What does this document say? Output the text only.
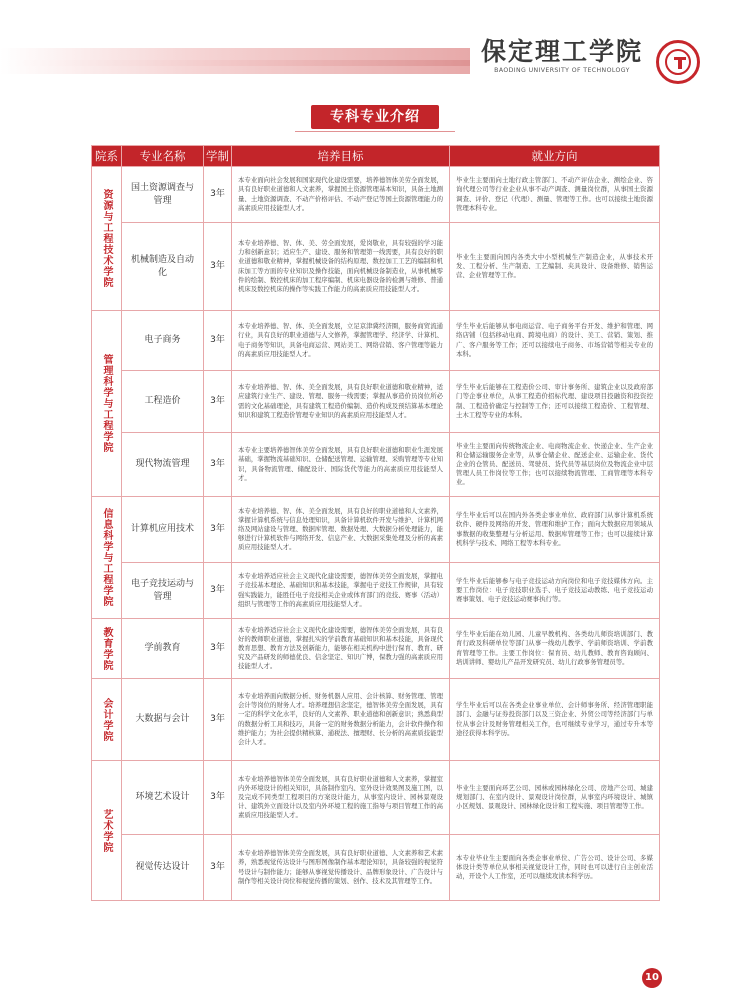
保定理工学院
BAODING UNIVERSITY OF TECHNOLOGY
专科专业介绍
院系	专业名称	学制	培养目标	就业方向
资源与工程技术学院	国土资源调查与管理	3年	本专业面向社会发展和国家现代化建设需要，培养德智体美劳全面发展，具有良好职业道德和人文素养，掌握国土资源管理基本知识，具备土地测量、土地资源调查、不动产价格评估、不动产登记等国土资源管理能力的高素质应用技能型人才。	毕业生主要面向土地行政主管部门、不动产评估企业、测绘企业、咨询代理公司等行业企业从事不动产调查、测量岗位群，从事国土资源调查、评价、登记（代理）、测量、管理等工作。也可以接续土地资源管理本科专业。
	机械制造及自动化	3年	本专业培养德、智、体、美、劳全面发展，爱岗敬业，具有较强的学习能力和创新意识；适应生产、建设、服务和管理第一线需要，具有良好的职业道德和敬业精神，掌握机械设备的结构原理、数控加工工艺的编制和机床加工等方面的专业知识及操作技能，面向机械设备制造业，从事机械零件的绘制、数控机床的加工程序编制、机床电器设备的检测与维修、普通机床及数控机床的操作等实践工作能力的高素质应用技能型人才。	毕业生主要面向国内各类大中小型机械生产制造企业，从事技术开发、工程分析、生产制造、工艺编制、夹具设计、设备维修、销售运营、企业管理等工作。
管理科学与工程学院	电子商务	3年	本专业培养德、智、体、美全面发展，立足京津冀经济圈，服务商贸流通行业，具有良好的职业道德与人文修养，掌握管理学、经济学、计算机、电子商务等知识，具备电商运营、网站美工、网络营销、客户管理等能力的高素质应用技能型人才。	学生毕业后能够从事电商运营、电子商务平台开发、维护和管理、网络店铺（包括移动电商、跨境电商）的设计、美工、营销、策划、推广、客户服务等工作；还可以接续电子商务、市场营销等相关专业的本科。
	工程造价	3年	本专业培养德、智、体、美全面发展，具有良好职业道德和敬业精神，适应建筑行业生产、建设、管理、服务一线需要；掌握从事造价员岗位所必需的文化基础理论，具有建筑工程造价编制、造价构成及预结算基本理论知识和建筑工程造价管理专业知识的高素质应用技能型人才。	学生毕业后能够在工程造价公司、审计事务所、建筑企业以及政府部门等企事业单位，从事工程造价招标代理、建设项目投融资和投资控制、工程造价确定与控制等工作；还可以接续工程造价、工程管理、土木工程等专业的本科。
	现代物流管理	3年	本专业主要培养德智体美劳全面发展，具有良好职业道德和职业生涯发展基础，掌握物流基础知识、仓储配送管理、运输管理、采购管理等专业知识，具备物流管理、储配设计、国际货代等能力的高素质应用技能型人才。	毕业生主要面向传统物流企业、电商物流企业、快递企业、生产企业和仓储运输服务企业等，从事仓储企业、配送企业、运输企业、货代企业的仓管员、配送员、驾驶员、货代员等基层岗位及物流企业中层管理人员工作岗位等工作；也可以接续物流管理、工商管理等本科专业。
信息科学与工程学院	计算机应用技术	3年	本专业培养德、智、体、美全面发展，具有良好的职业道德和人文素养，掌握计算机系统与信息处理知识，具备计算机软件开发与维护、计算机网络及网站建设与管理、数据库管理、数据处理、大数据分析处理能力，能够进行计算机软件与网络开发、信息产业、大数据采集处理及分析的高素质应用技能型人才。	学生毕业后可以在国内外各类企事业单位、政府部门从事计算机系统软件、硬件及网络的开发、管理和维护工作；面向大数据应用领域从事数据的收集整理与分析运用、数据库管理等工作；也可以接续计算机科学与技术、网络工程等本科专业。
	电子竞技运动与管理	3年	本专业培养适应社会主义现代化建设需要，德智体美劳全面发展，掌握电子竞技基本理论、基础知识和基本技能，掌握电子竞技工作规律，具有较强实践能力，能胜任电子竞技相关企业或体育部门的竞技、赛事（活动）组织与管理等工作的高素质应用技能型人才。	学生毕业后能够参与电子竞技运动方向岗位和电子竞技媒体方向。主要工作岗位：电子竞技职业选手、电子竞技运动教练、电子竞技运动赛事策划、电子竞技运动赛事执行等。
教育学院	学前教育	3年	本专业培养适应社会主义现代化建设需要，德智体美劳全面发展，具有良好的教师职业道德，掌握扎实的学前教育基础知识和基本技能，具备现代教育思想、教育方法及创新能力，能够在相关机构中进行保育、教育、研究及产品研发的师德优良、信念坚定、知识广博，保教力强的高素质应用技能型人才。	学生毕业后能在幼儿园、儿童早教机构、各类幼儿师资培训部门、教育行政及科研单位等部门从事一线幼儿教学、学前师资培训、学前教育管理等工作。主要工作岗位：保育员、幼儿教师、教育咨询顾问、培训讲师、婴幼儿产品开发研究员、幼儿行政事务管理员等。
会计学院	大数据与会计	3年	本专业培养面向数据分析、财务机器人应用、会计核算、财务管理、管理会计等岗位的财务人才。培养理想信念坚定，德智体美劳全面发展，具有一定的科学文化水平，良好的人文素养、职业道德和创新意识；熟悉典型的数据分析工具和技巧，具备一定的财务数据分析能力，会计软件操作和维护能力；为社会提供精核算、通税法、擅理财、长分析的高素质技能型会计人才。	学生毕业后可以在各类企业事业单位、会计师事务所、经济管理职能部门、金融与证券投资部门以及三资企业、外贸公司等经济部门与单位从事会计及财务管理相关工作，也可继续专业学习，通过专升本等途径获得本科学历。
艺术学院	环境艺术设计	3年	本专业培养德智体美劳全面发展，具有良好职业道德和人文素养，掌握室内外环境设计的相关知识，具备制作室内、室外设计效果图及施工图，以及完成不同类型工程项目的方案设计能力，从事室内设计、园林景观设计、建筑外立面设计以及室内外环境工程的施工指导与项目管理工作的高素质应用技能型人才。	毕业生主要面向环艺公司、园林或园林绿化公司、房地产公司、城建规划部门、在室内设计、景观设计岗位群，从事室内环境设计、城镇小区规划、景观设计、园林绿化设计和工程实施、项目管理等工作。
	视觉传达设计	3年	本专业培养德智体美劳全面发展，具有良好职业道德、人文素养和艺术素养，熟悉视觉传达设计与图形图像制作基本理论知识，具备较强的视觉符号设计与制作能力；能够从事视觉传播设计、品牌形象设计、广告设计与制作等相关设计岗位和视觉传播的策划、创作、技术及其管理等工作。	本专业毕业生主要面向各类企事业单位、广告公司、设计公司、多媒体设计类等单位从事相关视觉设计工作，同时也可以进行自主创业活动，开设个人工作室，还可以继续攻读本科学历。
10
